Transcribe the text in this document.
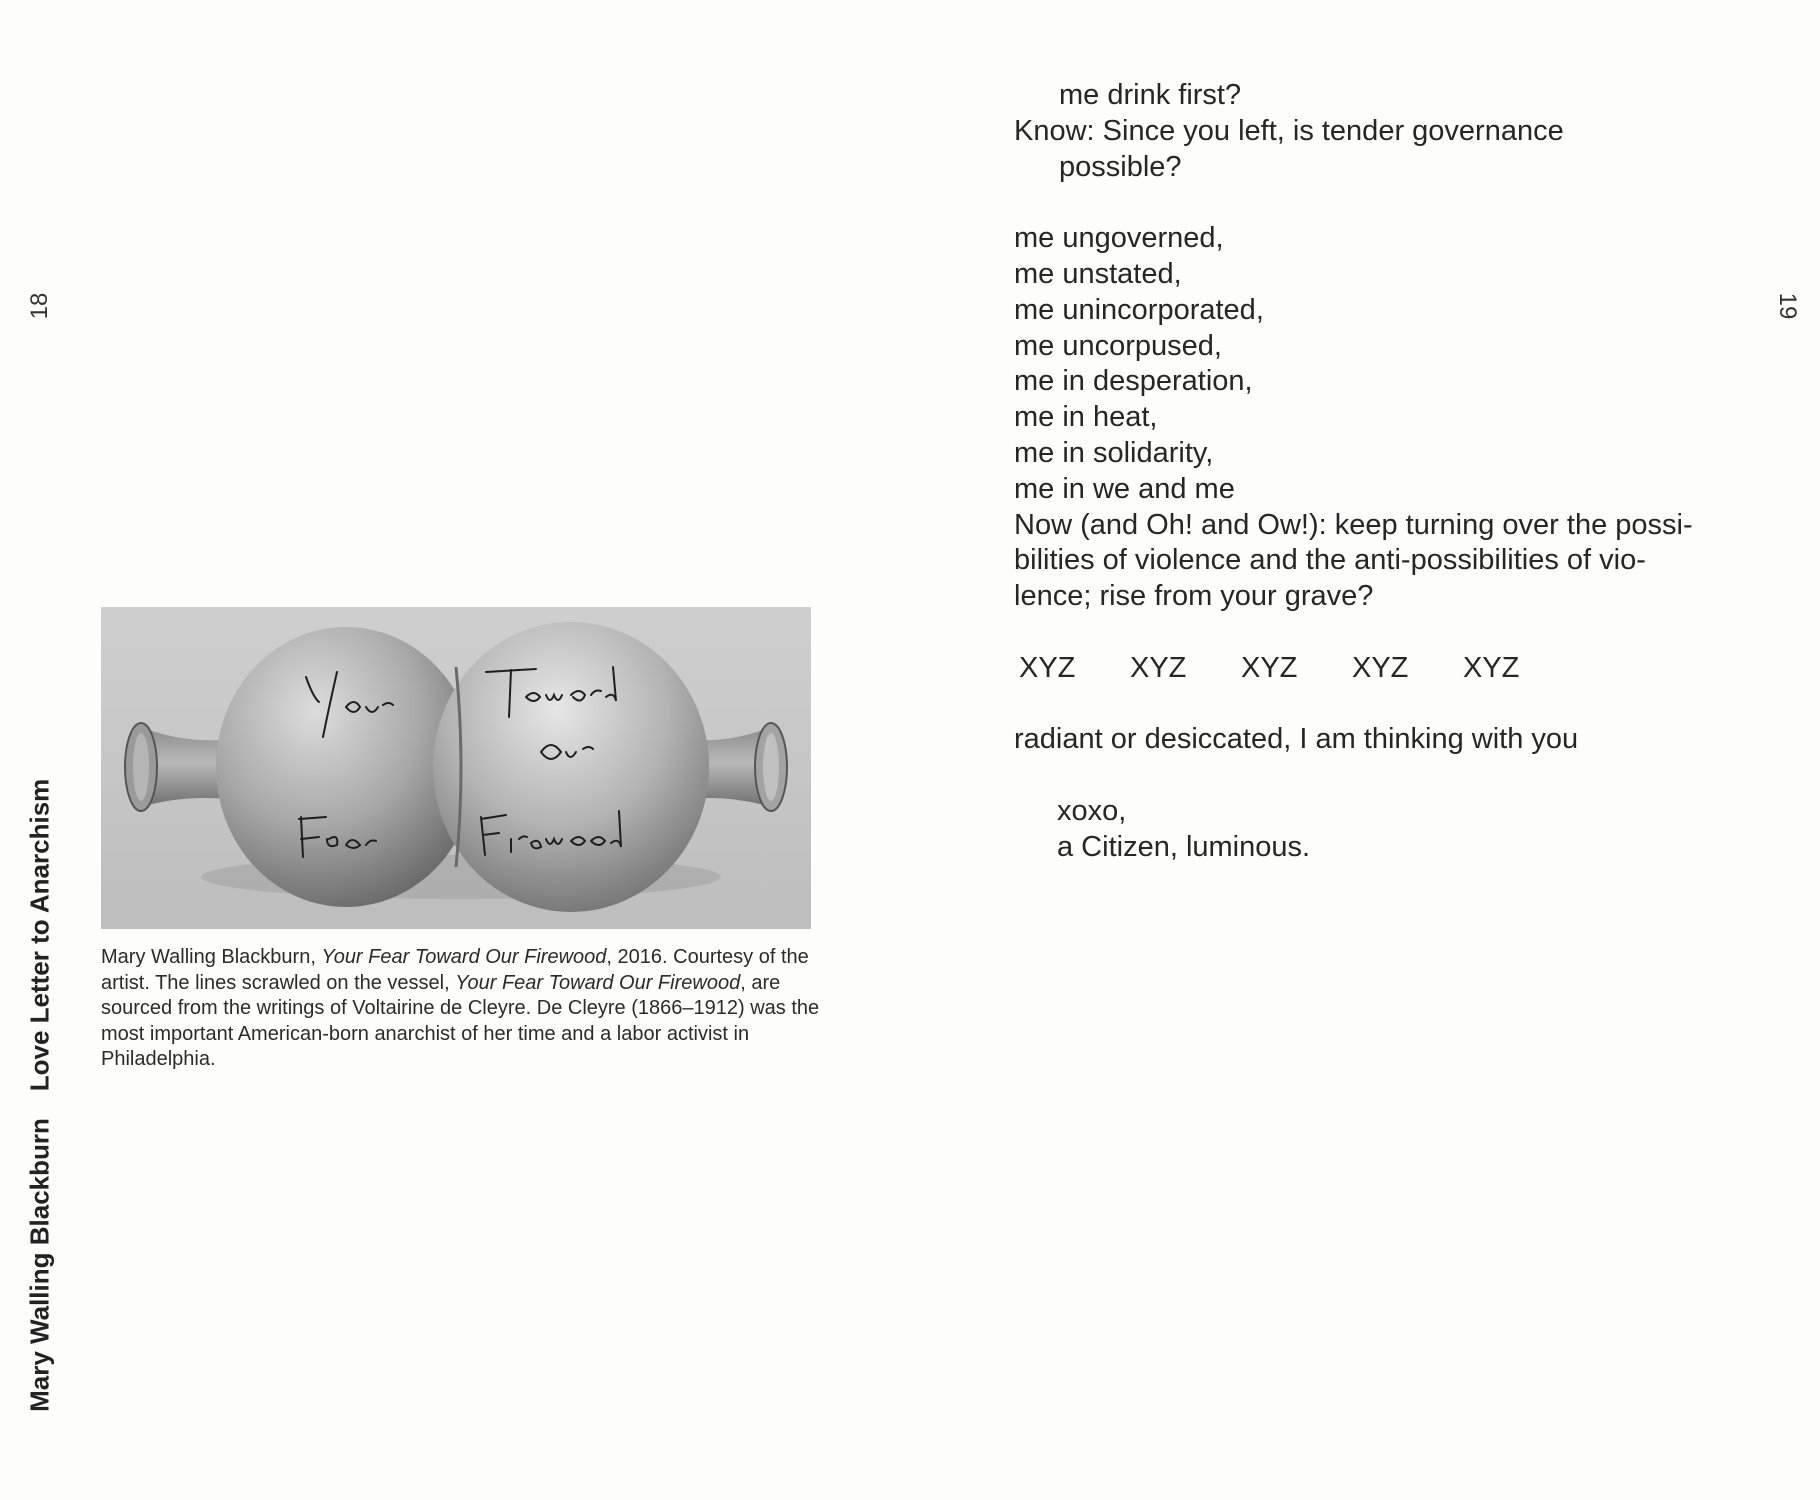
18
Love Letter to Anarchism
Mary Walling Blackburn
Mary Walling Blackburn, Your Fear Toward Our Firewood, 2016. Courtesy of the artist. The lines scrawled on the vessel, Your Fear Toward Our Firewood, are sourced from the writings of Voltairine de Cleyre. De Cleyre (1866–1912) was the most important American-born anarchist of her time and a labor activist in Philadelphia.
19
me drink first?
Know: Since you left, is tender governance
possible?
me ungoverned,
me unstated,
me unincorporated,
me uncorpused,
me in desperation,
me in heat,
me in solidarity,
me in we and me
Now (and Oh! and Ow!): keep turning over the possi-
bilities of violence and the anti-possibilities of vio-
lence; rise from your grave?
XYZ	XYZ	XYZ	XYZ	XYZ
radiant or desiccated, I am thinking with you
xoxo,
a Citizen, luminous.
